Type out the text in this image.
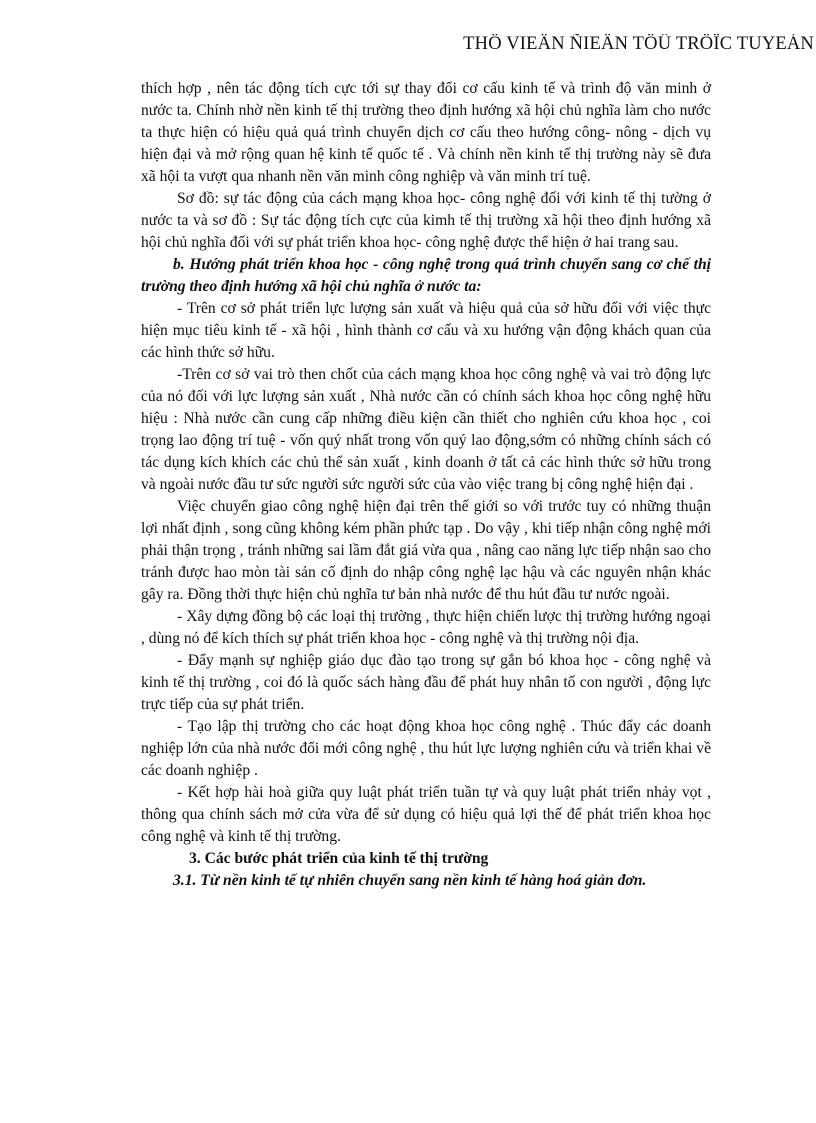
THÖ VIEÄN ÑIEÄN TÖÛ TRÖÏC TUYEÁN

thích hợp , nên tác động tích cực tới sự thay đổi cơ cấu kinh tế và trình độ văn minh ở nước ta. Chính nhờ nền kinh tế thị trường theo định hướng xã hội chủ nghĩa làm cho nước ta thực hiện có hiệu quả quá trình chuyển dịch cơ cấu theo hướng công- nông - dịch vụ hiện đại và mở rộng quan hệ kinh tế quốc tế . Và chính nền kinh tế thị trường này sẽ đưa xã hội ta vượt qua nhanh nền văn minh công nghiệp và văn minh trí tuệ.

Sơ đồ: sự tác động của cách mạng khoa học- công nghệ đối với kinh tế thị tường ở nước ta và sơ đồ : Sự tác động tích cực của kimh tế thị trường xã hội theo định hướng xã hội chủ nghĩa đối với sự phát triển khoa học- công nghệ được thể hiện ở hai trang sau.

b. Hướng phát triển khoa học - công nghệ trong quá trình chuyển sang cơ chế thị trường theo định hướng xã hội chủ nghĩa ở nước ta:

- Trên cơ sở phát triển lực lượng sản xuất và hiệu quả của sở hữu đối với việc thực hiện mục tiêu kinh tế - xã hội , hình thành cơ cấu và xu hướng vận động khách quan của các hình thức sở hữu.

-Trên cơ sở vai trò then chốt của cách mạng khoa học công nghệ và vai trò động lực của nó đối với lực lượng sản xuất , Nhà nước cần có chính sách khoa học công nghệ hữu hiệu : Nhà nước cần cung cấp những điều kiện cần thiết cho nghiên cứu khoa học , coi trọng lao động trí tuệ - vốn quý nhất trong vốn quý lao động,sớm có những chính sách có tác dụng kích khích các chủ thể sản xuất , kinh doanh ở tất cả các hình thức sở hữu trong và ngoài nước đầu tư sức người sức người sức của vào việc trang bị công nghệ hiện đại .

Việc chuyển giao công nghệ hiện đại trên thế giới so với trước tuy có những thuận lợi nhất định , song cũng không kém phần phức tạp . Do vậy , khi tiếp nhận công nghệ mới phải thận trọng , tránh những sai lầm đắt giá vừa qua , nâng cao năng lực tiếp nhận sao cho tránh được hao mòn tài sản cố định do nhập công nghệ lạc hậu và các nguyên nhận khác gây ra. Đồng thời thực hiện chủ nghĩa tư bản nhà nước để thu hút đầu tư nước ngoài.

- Xây dựng đồng bộ các loại thị trường , thực hiện chiến lược thị trường hướng ngoại , dùng nó để kích thích sự phát triển khoa học - công nghệ và thị trường nội địa.

- Đẩy mạnh sự nghiệp giáo dục đào tạo trong sự gắn bó khoa học - công nghệ và kinh tế thị trường , coi đó là quốc sách hàng đầu để phát huy nhân tố con người , động lực trực tiếp của sự phát triển.

- Tạo lập thị trường cho các hoạt động khoa học công nghệ . Thúc đẩy các doanh nghiệp lớn của nhà nước đổi mới công nghệ , thu hút lực lượng nghiên cứu và triển khai về các doanh nghiệp .

- Kết hợp hài hoà giữa quy luật phát triển tuần tự và quy luật phát triển nhảy vọt , thông qua chính sách mở cửa vừa để sử dụng có hiệu quả lợi thế để phát triển khoa học công nghệ và kinh tế thị trường.

3. Các bước phát triển của kinh tế thị trường

3.1. Từ nền kinh tế tự nhiên chuyển sang nền kinh tế hàng hoá giản đơn.
